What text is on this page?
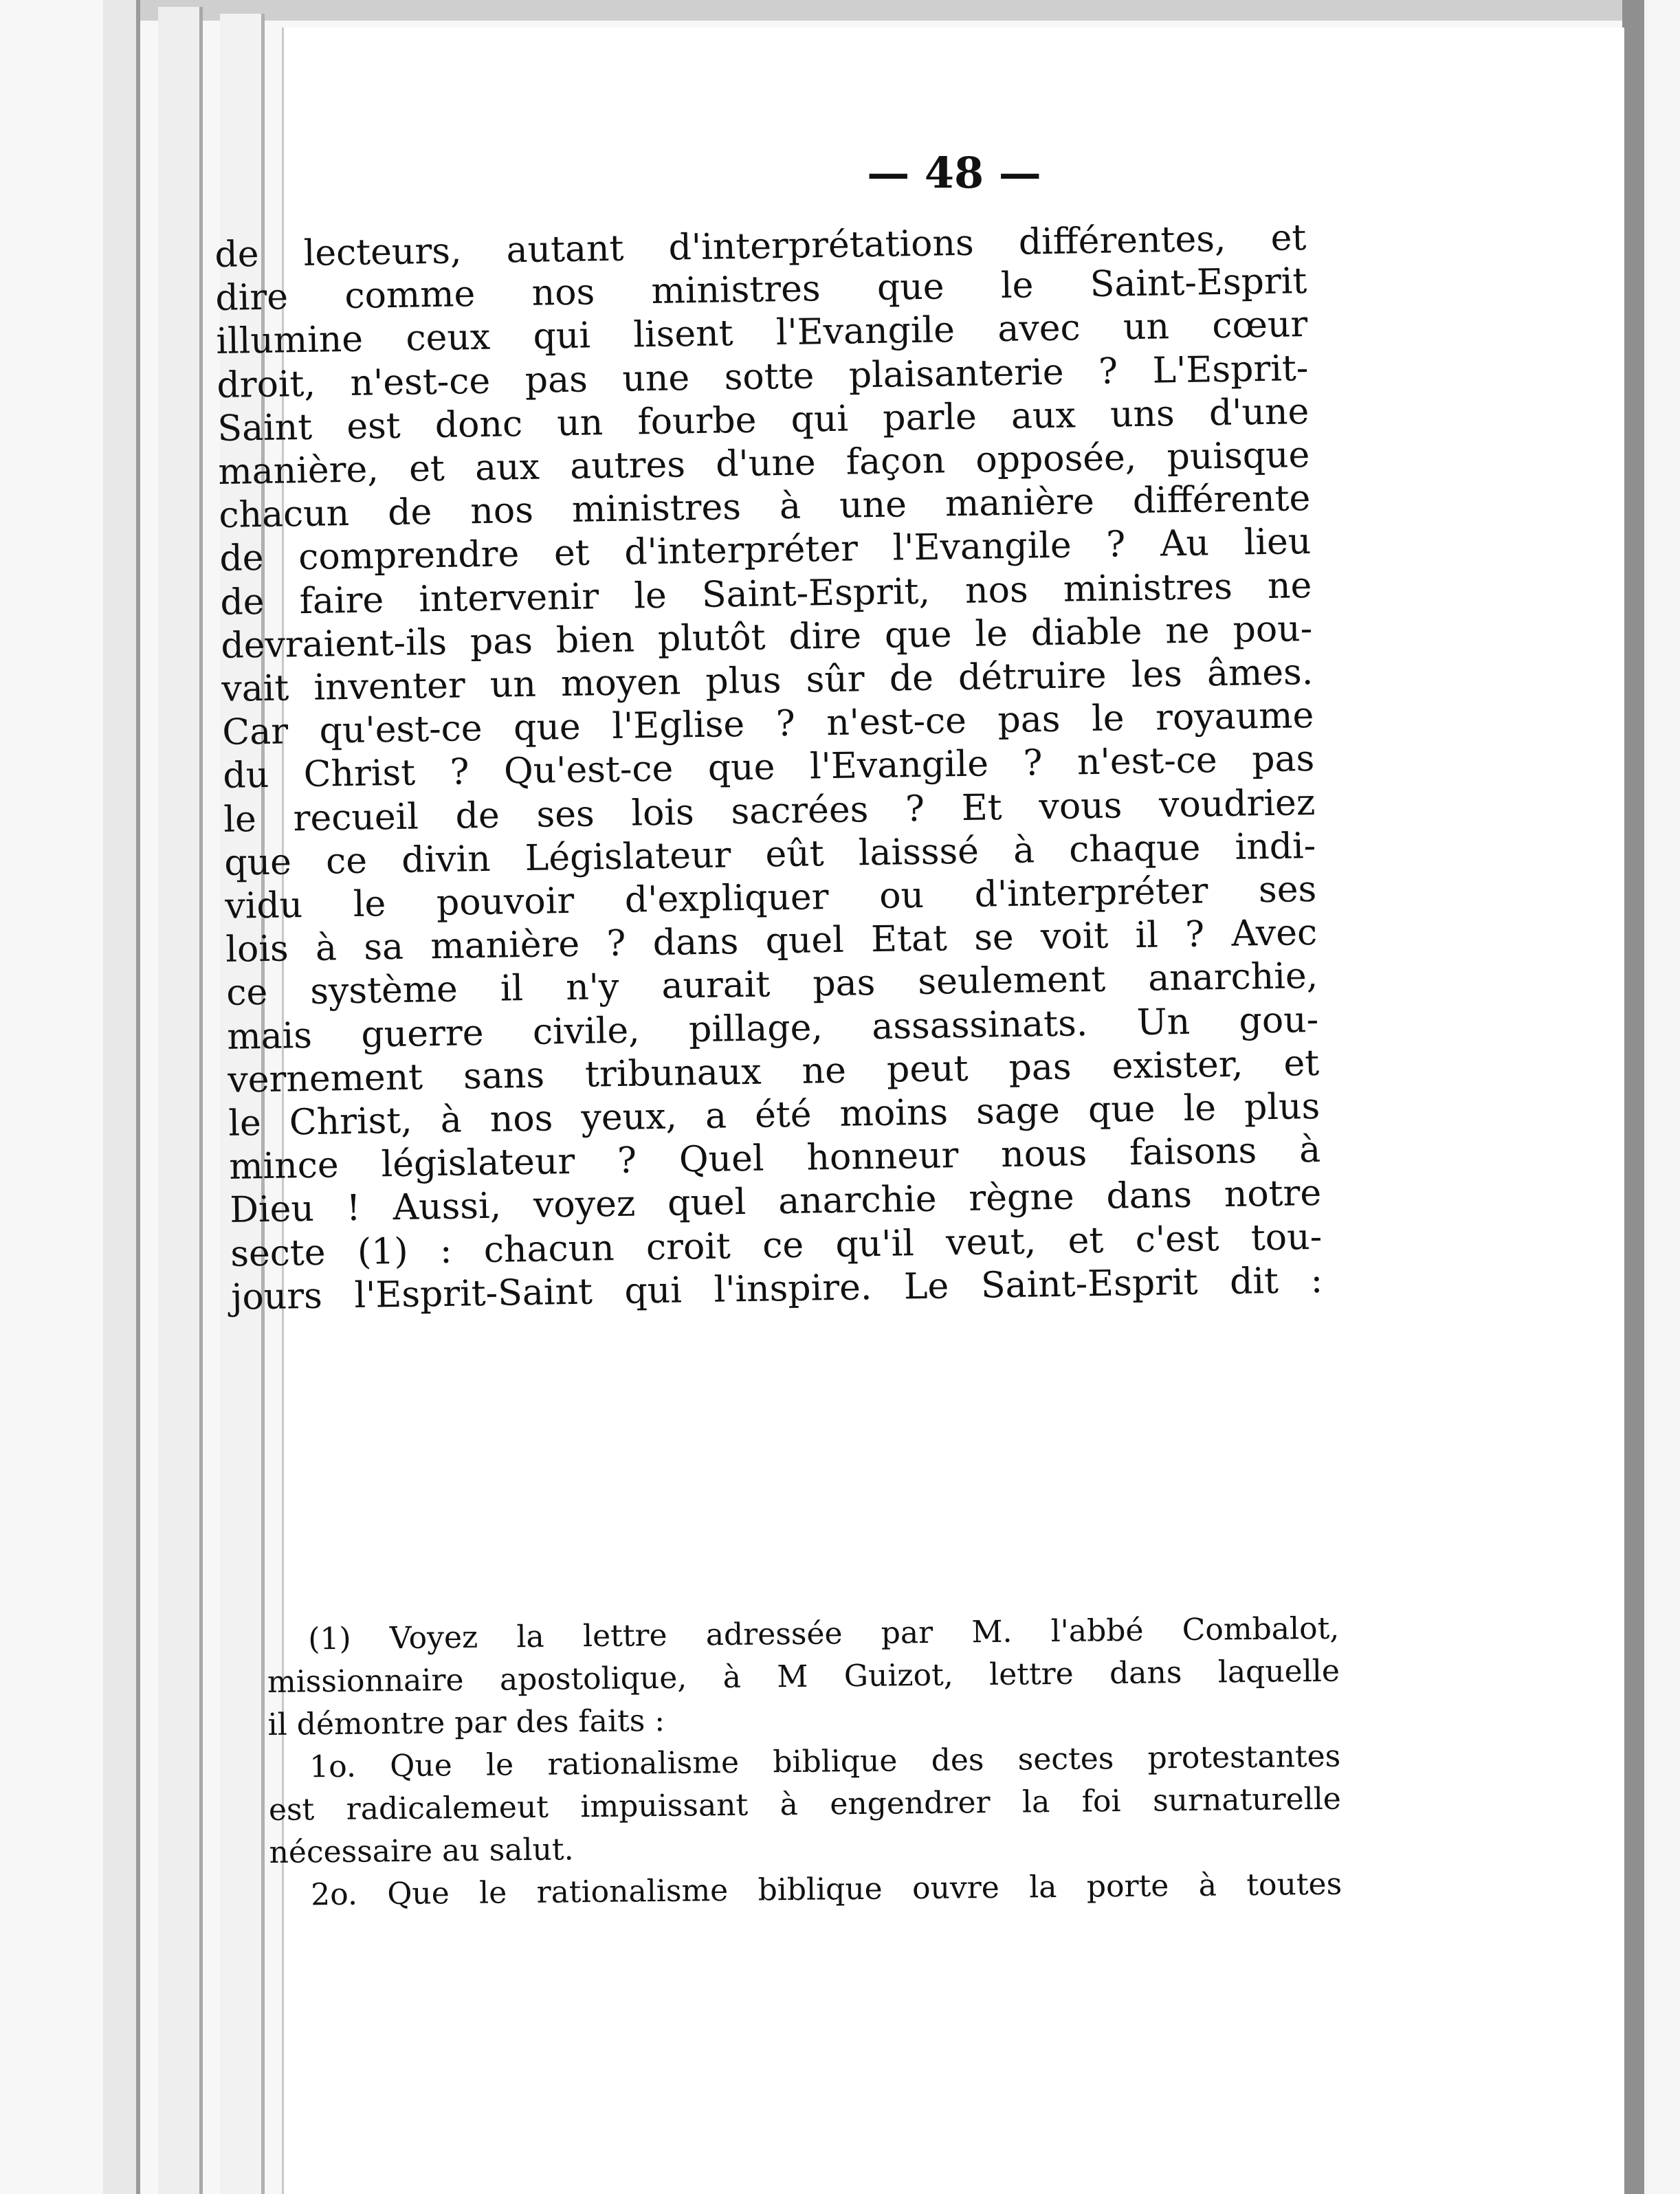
— 48 —
de lecteurs, autant d'interprétations différentes, et
dire comme nos ministres que le Saint-Esprit
illumine ceux qui lisent l'Evangile avec un cœur
droit, n'est-ce pas une sotte plaisanterie ? L'Esprit-
Saint est donc un fourbe qui parle aux uns d'une
manière, et aux autres d'une façon opposée, puisque
chacun de nos ministres à une manière différente
de comprendre et d'interpréter l'Evangile ? Au lieu
de faire intervenir le Saint-Esprit, nos ministres ne
devraient-ils pas bien plutôt dire que le diable ne pou-
vait inventer un moyen plus sûr de détruire les âmes.
Car qu'est-ce que l'Eglise ? n'est-ce pas le royaume
du Christ ? Qu'est-ce que l'Evangile ? n'est-ce pas
le recueil de ses lois sacrées ? Et vous voudriez
que ce divin Législateur eût laisssé à chaque indi-
vidu le pouvoir d'expliquer ou d'interpréter ses
lois à sa manière ? dans quel Etat se voit il ? Avec
ce système il n'y aurait pas seulement anarchie,
mais guerre civile, pillage, assassinats. Un gou-
vernement sans tribunaux ne peut pas exister, et
le Christ, à nos yeux, a été moins sage que le plus
mince législateur ? Quel honneur nous faisons à
Dieu ! Aussi, voyez quel anarchie règne dans notre
secte (1) : chacun croit ce qu'il veut, et c'est tou-
jours l'Esprit-Saint qui l'inspire. Le Saint-Esprit dit :
(1) Voyez la lettre adressée par M. l'abbé Combalot,
missionnaire apostolique, à M Guizot, lettre dans laquelle
il démontre par des faits :
1o. Que le rationalisme biblique des sectes protestantes
est radicalemeut impuissant à engendrer la foi surnaturelle
nécessaire au salut.
2o. Que le rationalisme biblique ouvre la porte à toutes
